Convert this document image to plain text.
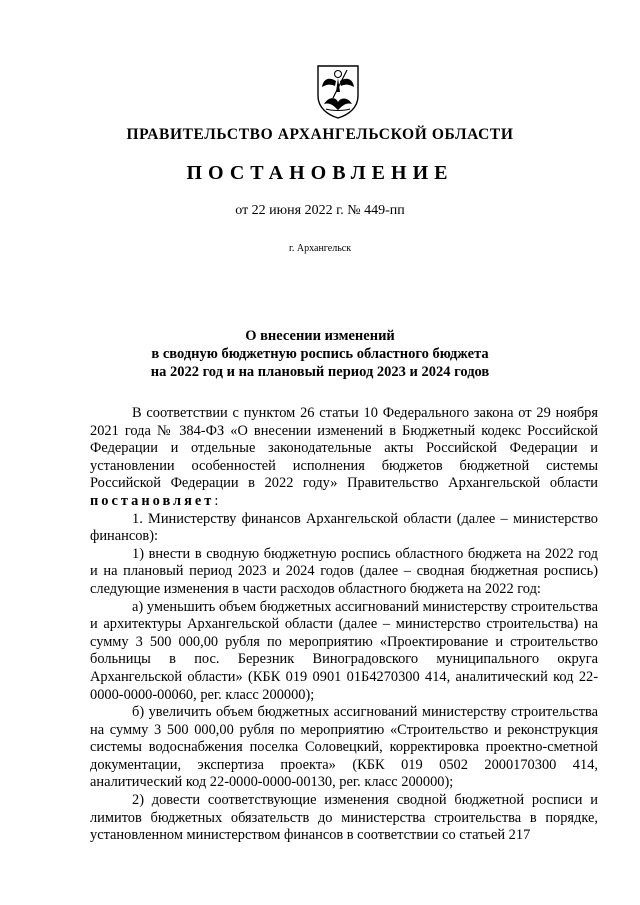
ПРАВИТЕЛЬСТВО АРХАНГЕЛЬСКОЙ ОБЛАСТИ
ПОСТАНОВЛЕНИЕ
от 22 июня 2022 г. № 449-пп
г. Архангельск
О внесении изменений
в сводную бюджетную роспись областного бюджета
на 2022 год и на плановый период 2023 и 2024 годов

В соответствии с пунктом 26 статьи 10 Федерального закона от 29 ноября 2021 года № 384-ФЗ «О внесении изменений в Бюджетный кодекс Российской Федерации и отдельные законодательные акты Российской Федерации и установлении особенностей исполнения бюджетов бюджетной системы Российской Федерации в 2022 году» Правительство Архангельской области постановляет:

1. Министерству финансов Архангельской области (далее – министерство финансов):

1) внести в сводную бюджетную роспись областного бюджета на 2022 год и на плановый период 2023 и 2024 годов (далее – сводная бюджетная роспись) следующие изменения в части расходов областного бюджета на 2022 год:

а) уменьшить объем бюджетных ассигнований министерству строительства и архитектуры Архангельской области (далее – министерство строительства) на сумму 3 500 000,00 рубля по мероприятию «Проектирование и строительство больницы в пос. Березник Виноградовского муниципального округа Архангельской области» (КБК 019 0901 01Б4270300 414, аналитический код 22-0000-0000-00060, рег. класс 200000);

б) увеличить объем бюджетных ассигнований министерству строительства на сумму 3 500 000,00 рубля по мероприятию «Строительство и реконструкция системы водоснабжения поселка Соловецкий, корректировка проектно-сметной документации, экспертиза проекта» (КБК 019 0502 2000170300 414, аналитический код 22-0000-0000-00130, рег. класс 200000);

2) довести соответствующие изменения сводной бюджетной росписи и лимитов бюджетных обязательств до министерства строительства в порядке, установленном министерством финансов в соответствии со статьей 217
